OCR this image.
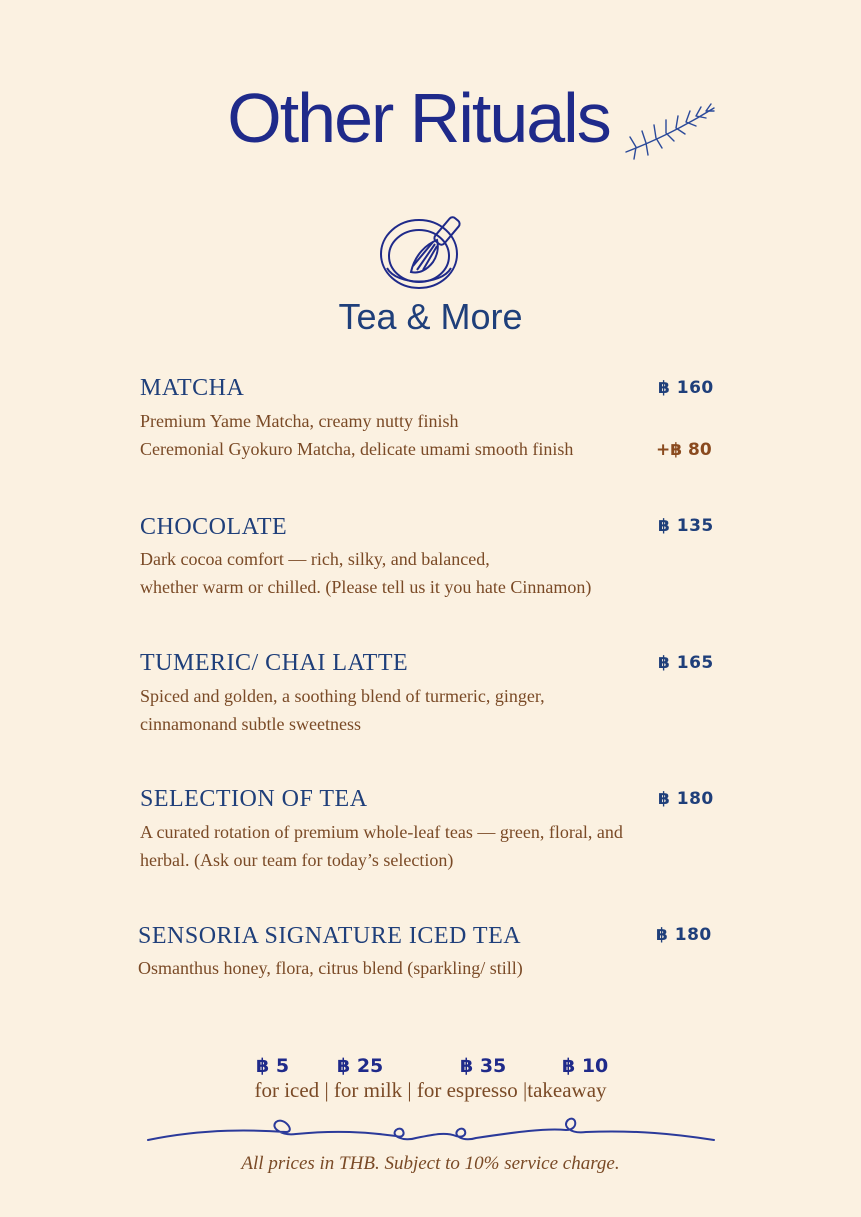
Other Rituals
Tea & More
MATCHA	฿ 160
Premium Yame Matcha, creamy nutty finish
Ceremonial Gyokuro Matcha, delicate umami smooth finish	+฿ 80
CHOCOLATE	฿ 135
Dark cocoa comfort — rich, silky, and balanced,
whether warm or chilled. (Please tell us it you hate Cinnamon)
TUMERIC/ CHAI LATTE	฿ 165
Spiced and golden, a soothing blend of turmeric, ginger,
cinnamonand subtle sweetness
SELECTION OF TEA	฿ 180
A curated rotation of premium whole-leaf teas — green, floral, and
herbal. (Ask our team for today’s selection)
SENSORIA SIGNATURE ICED TEA	฿ 180
Osmanthus honey, flora, citrus blend (sparkling/ still)
฿ 5	฿ 25	฿ 35	฿ 10
for iced | for milk | for espresso |takeaway
All prices in THB. Subject to 10% service charge.
